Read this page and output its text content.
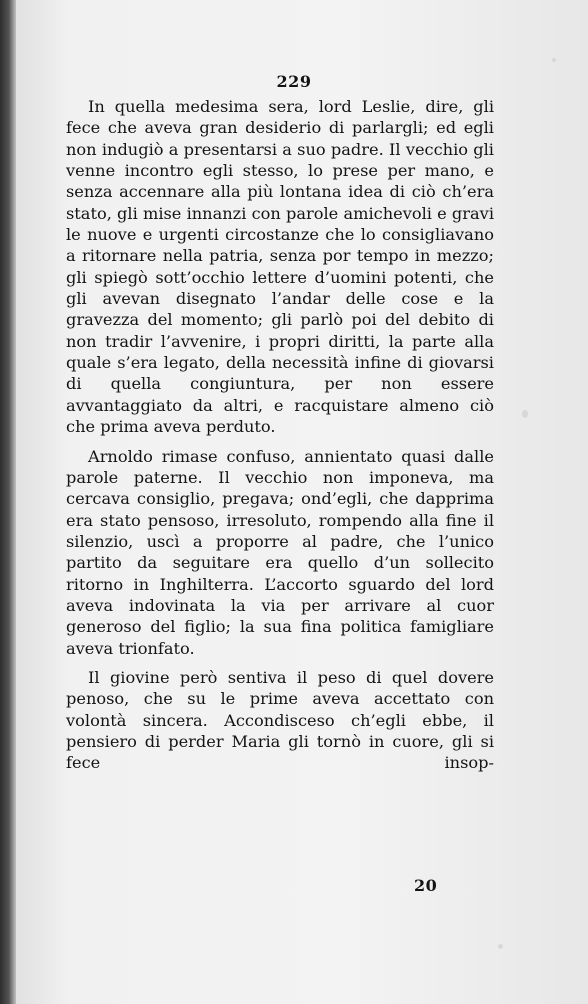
229

In quella medesima sera, lord Leslie, dire, gli fece che aveva gran desiderio di parlargli; ed egli non indugiò a presentarsi a suo padre. Il vecchio gli venne incontro egli stesso, lo prese per mano, e senza accennare alla più lontana idea di ciò ch’era stato, gli mise innanzi con parole amichevoli e gravi le nuove e urgenti circostanze che lo consigliavano a ritornare nella patria, senza por tempo in mezzo; gli spiegò sott’occhio lettere d’uomini potenti, che gli avevan disegnato l’andar delle cose e la gravezza del momento; gli parlò poi del debito di non tradir l’avvenire, i propri diritti, la parte alla quale s’era legato, della necessità infine di giovarsi di quella congiuntura, per non essere avvantaggiato da altri, e racquistare almeno ciò che prima aveva perduto.

Arnoldo rimase confuso, annientato quasi dalle parole paterne. Il vecchio non imponeva, ma cercava consiglio, pregava; ond’egli, che dapprima era stato pensoso, irresoluto, rompendo alla fine il silenzio, uscì a proporre al padre, che l’unico partito da seguitare era quello d’un sollecito ritorno in Inghilterra. L’accorto sguardo del lord aveva indovinata la via per arrivare al cuor generoso del figlio; la sua fina politica famigliare aveva trionfato.

Il giovine però sentiva il peso di quel dovere penoso, che su le prime aveva accettato con volontà sincera. Accondisceso ch’egli ebbe, il pensiero di perder Maria gli tornò in cuore, gli si fece insop-

20
